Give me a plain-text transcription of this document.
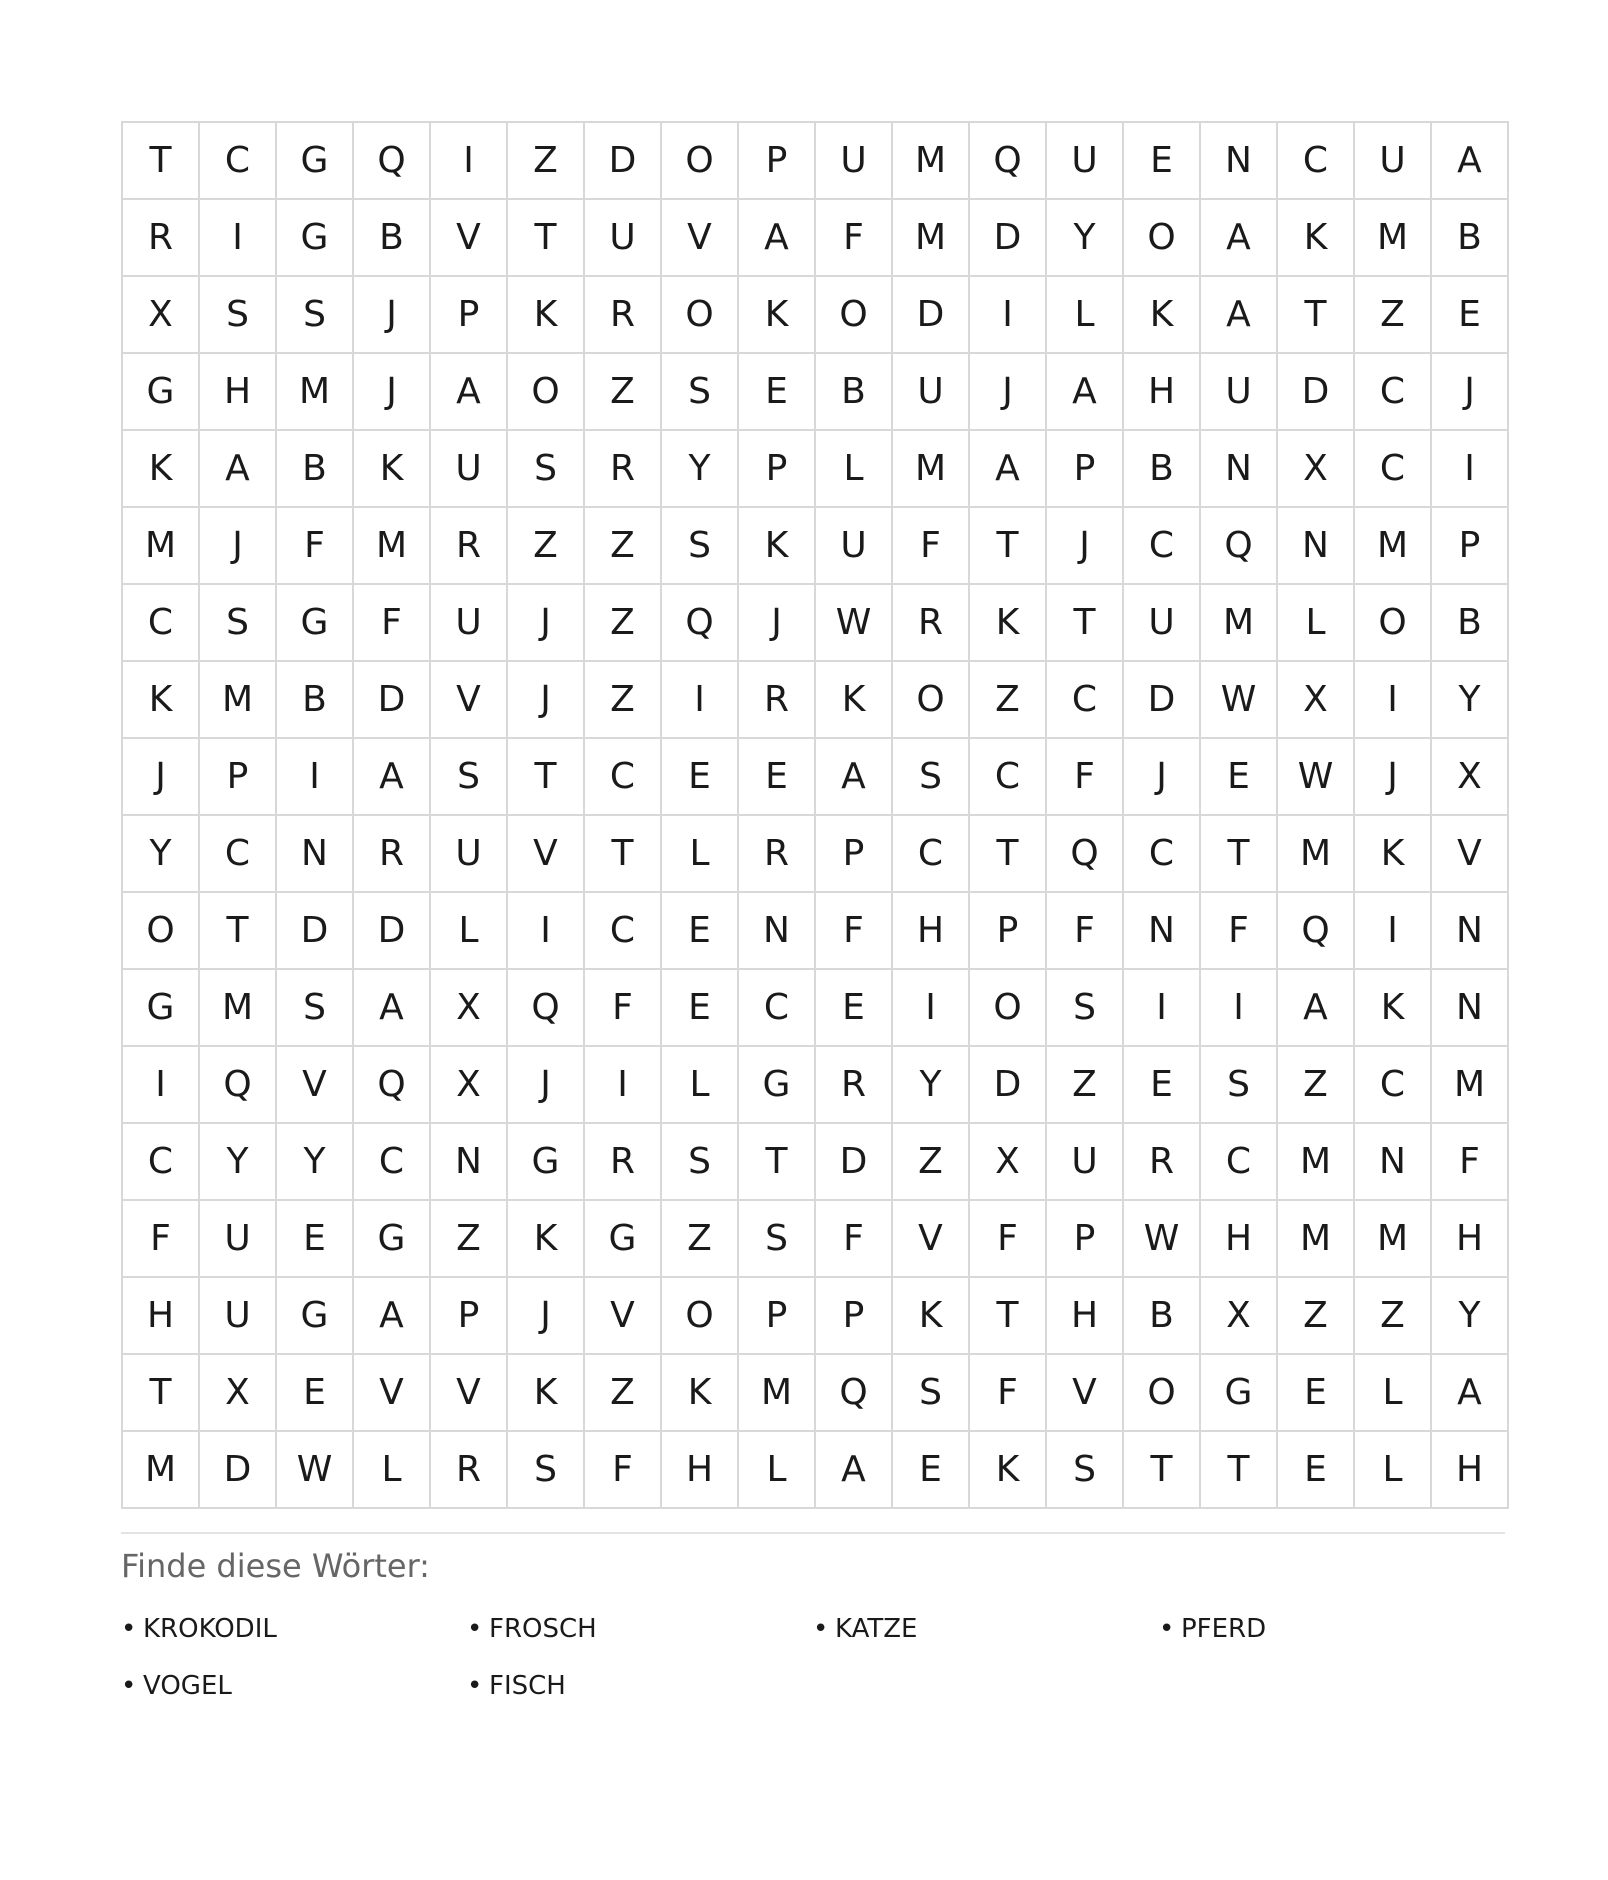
T	C	G	Q	I	Z	D	O	P	U	M	Q	U	E	N	C	U	A
R	I	G	B	V	T	U	V	A	F	M	D	Y	O	A	K	M	B
X	S	S	J	P	K	R	O	K	O	D	I	L	K	A	T	Z	E
G	H	M	J	A	O	Z	S	E	B	U	J	A	H	U	D	C	J
K	A	B	K	U	S	R	Y	P	L	M	A	P	B	N	X	C	I
M	J	F	M	R	Z	Z	S	K	U	F	T	J	C	Q	N	M	P
C	S	G	F	U	J	Z	Q	J	W	R	K	T	U	M	L	O	B
K	M	B	D	V	J	Z	I	R	K	O	Z	C	D	W	X	I	Y
J	P	I	A	S	T	C	E	E	A	S	C	F	J	E	W	J	X
Y	C	N	R	U	V	T	L	R	P	C	T	Q	C	T	M	K	V
O	T	D	D	L	I	C	E	N	F	H	P	F	N	F	Q	I	N
G	M	S	A	X	Q	F	E	C	E	I	O	S	I	I	A	K	N
I	Q	V	Q	X	J	I	L	G	R	Y	D	Z	E	S	Z	C	M
C	Y	Y	C	N	G	R	S	T	D	Z	X	U	R	C	M	N	F
F	U	E	G	Z	K	G	Z	S	F	V	F	P	W	H	M	M	H
H	U	G	A	P	J	V	O	P	P	K	T	H	B	X	Z	Z	Y
T	X	E	V	V	K	Z	K	M	Q	S	F	V	O	G	E	L	A
M	D	W	L	R	S	F	H	L	A	E	K	S	T	T	E	L	H
Finde diese Wörter:
• KROKODIL	• FROSCH	• KATZE	• PFERD
• VOGEL	• FISCH
